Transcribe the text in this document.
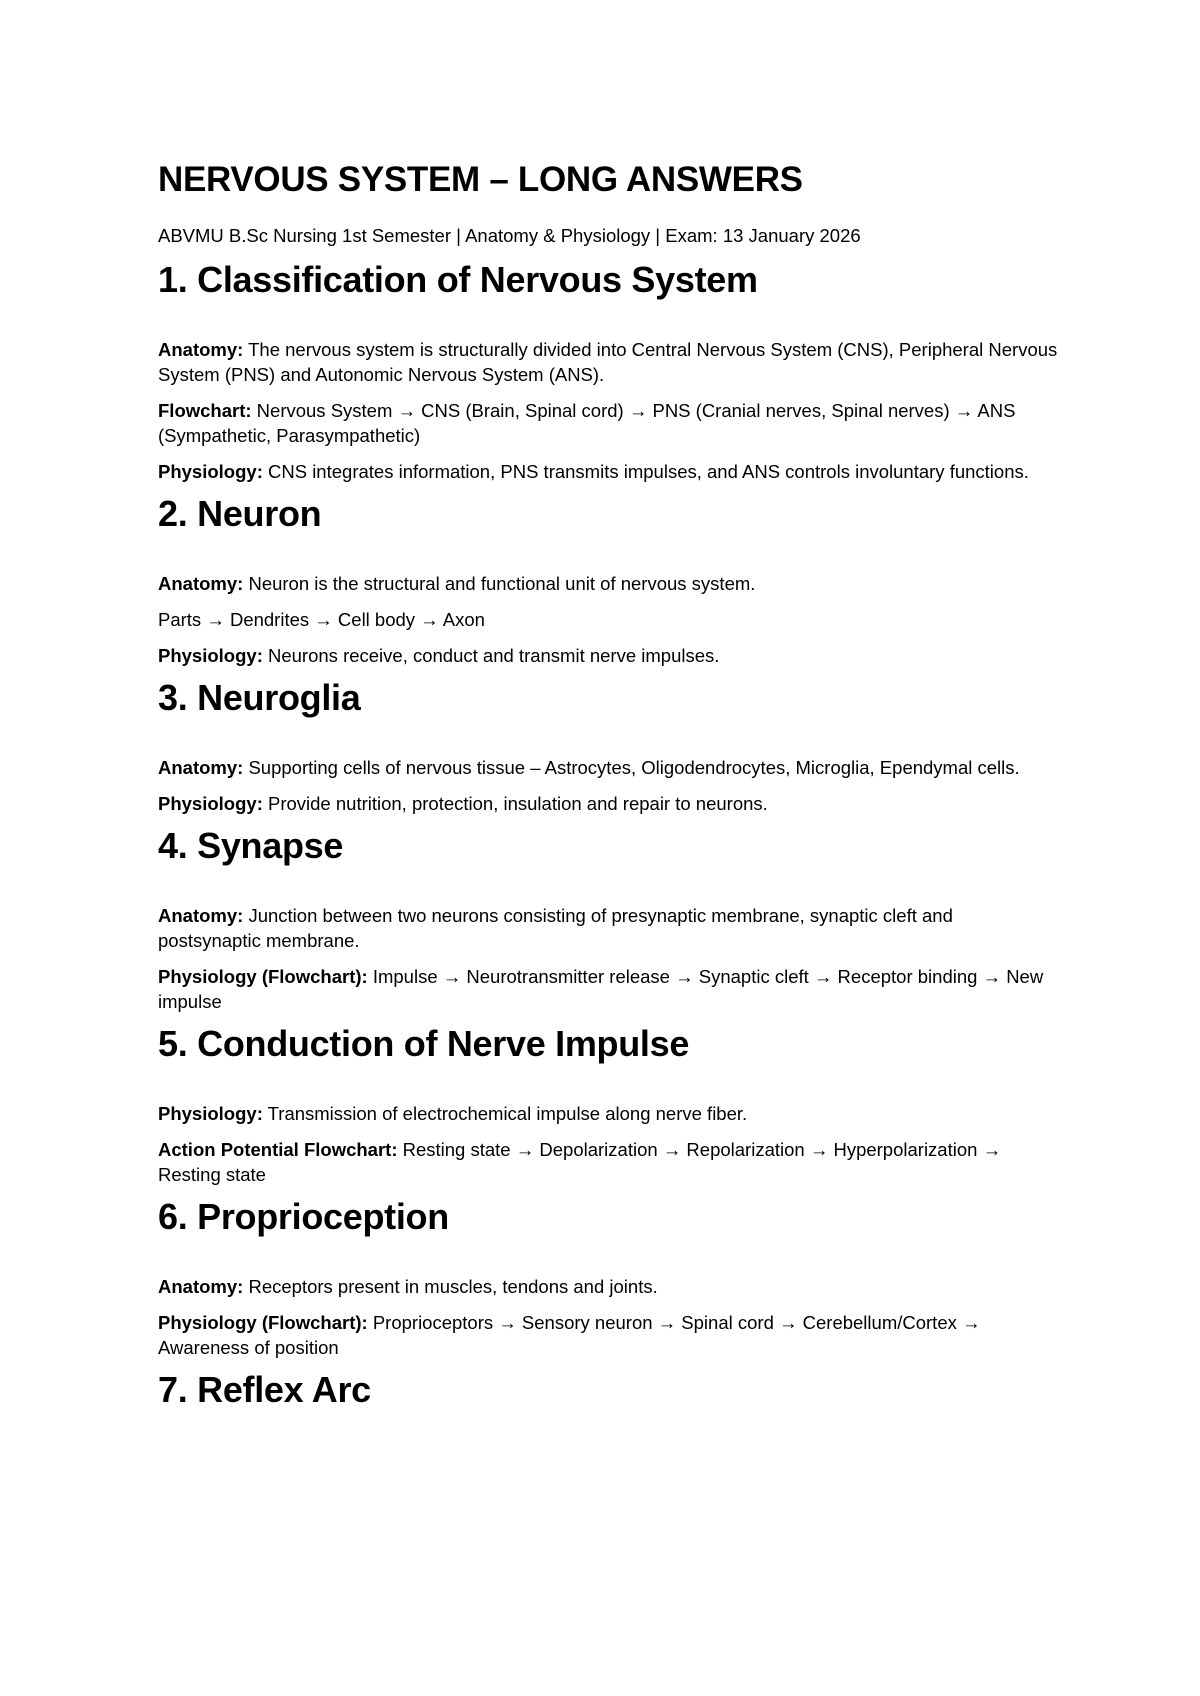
NERVOUS SYSTEM – LONG ANSWERS

ABVMU B.Sc Nursing 1st Semester | Anatomy & Physiology | Exam: 13 January 2026

1. Classification of Nervous System

Anatomy: The nervous system is structurally divided into Central Nervous System (CNS), Peripheral Nervous System (PNS) and Autonomic Nervous System (ANS).

Flowchart: Nervous System → CNS (Brain, Spinal cord) → PNS (Cranial nerves, Spinal nerves) → ANS (Sympathetic, Parasympathetic)

Physiology: CNS integrates information, PNS transmits impulses, and ANS controls involuntary functions.

2. Neuron

Anatomy: Neuron is the structural and functional unit of nervous system.

Parts → Dendrites → Cell body → Axon

Physiology: Neurons receive, conduct and transmit nerve impulses.

3. Neuroglia

Anatomy: Supporting cells of nervous tissue – Astrocytes, Oligodendrocytes, Microglia, Ependymal cells.

Physiology: Provide nutrition, protection, insulation and repair to neurons.

4. Synapse

Anatomy: Junction between two neurons consisting of presynaptic membrane, synaptic cleft and postsynaptic membrane.

Physiology (Flowchart): Impulse → Neurotransmitter release → Synaptic cleft → Receptor binding → New impulse

5. Conduction of Nerve Impulse

Physiology: Transmission of electrochemical impulse along nerve fiber.

Action Potential Flowchart: Resting state → Depolarization → Repolarization → Hyperpolarization → Resting state

6. Proprioception

Anatomy: Receptors present in muscles, tendons and joints.

Physiology (Flowchart): Proprioceptors → Sensory neuron → Spinal cord → Cerebellum/Cortex → Awareness of position

7. Reflex Arc
